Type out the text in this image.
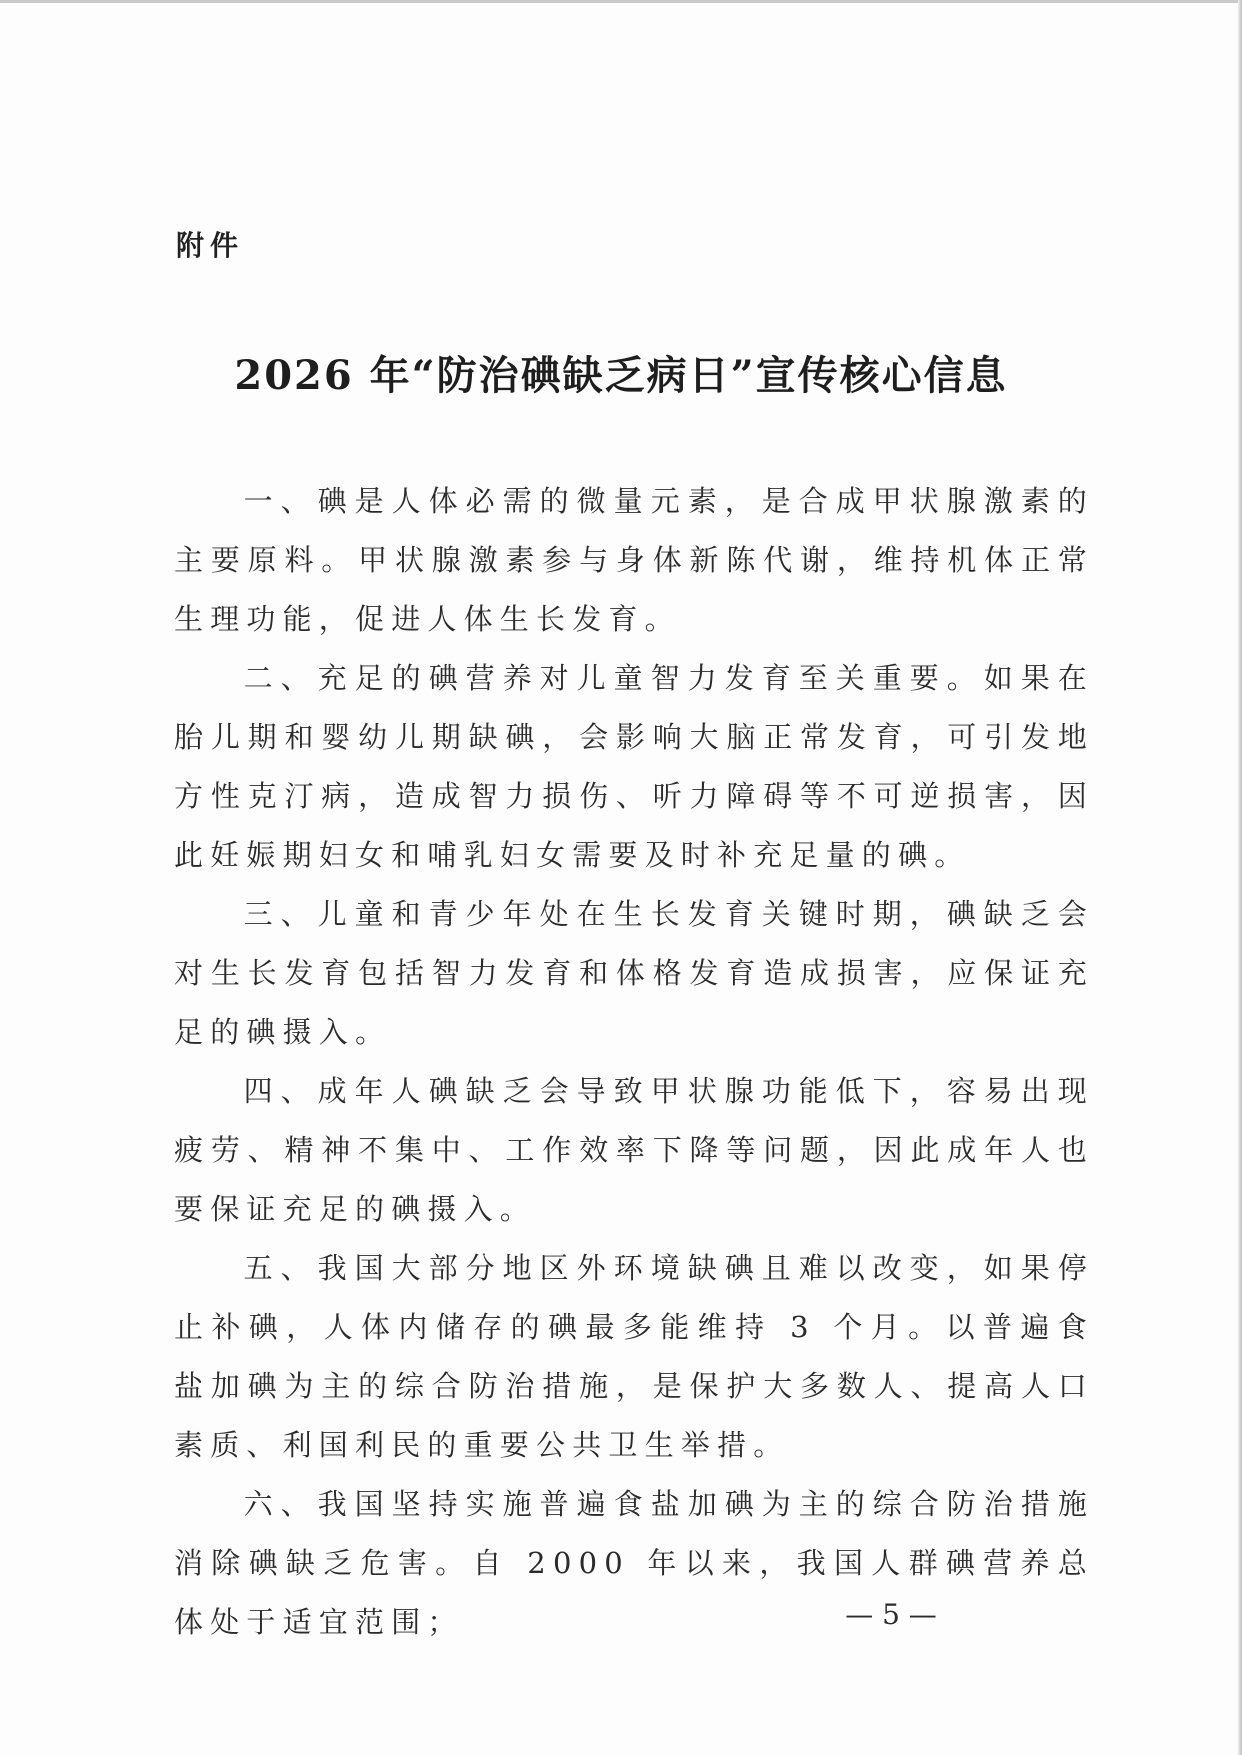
附件
2026 年“防治碘缺乏病日”宣传核心信息

一、碘是人体必需的微量元素，是合成甲状腺激素的主要原料。甲状腺激素参与身体新陈代谢，维持机体正常生理功能，促进人体生长发育。

二、充足的碘营养对儿童智力发育至关重要。如果在胎儿期和婴幼儿期缺碘，会影响大脑正常发育，可引发地方性克汀病，造成智力损伤、听力障碍等不可逆损害，因此妊娠期妇女和哺乳妇女需要及时补充足量的碘。

三、儿童和青少年处在生长发育关键时期，碘缺乏会对生长发育包括智力发育和体格发育造成损害，应保证充足的碘摄入。

四、成年人碘缺乏会导致甲状腺功能低下，容易出现疲劳、精神不集中、工作效率下降等问题，因此成年人也要保证充足的碘摄入。

五、我国大部分地区外环境缺碘且难以改变，如果停止补碘，人体内储存的碘最多能维持 3 个月。以普遍食盐加碘为主的综合防治措施，是保护大多数人、提高人口素质、利国利民的重要公共卫生举措。

六、我国坚持实施普遍食盐加碘为主的综合防治措施消除碘缺乏危害。自 2000 年以来，我国人群碘营养总体处于适宜范围；	— 5 —
